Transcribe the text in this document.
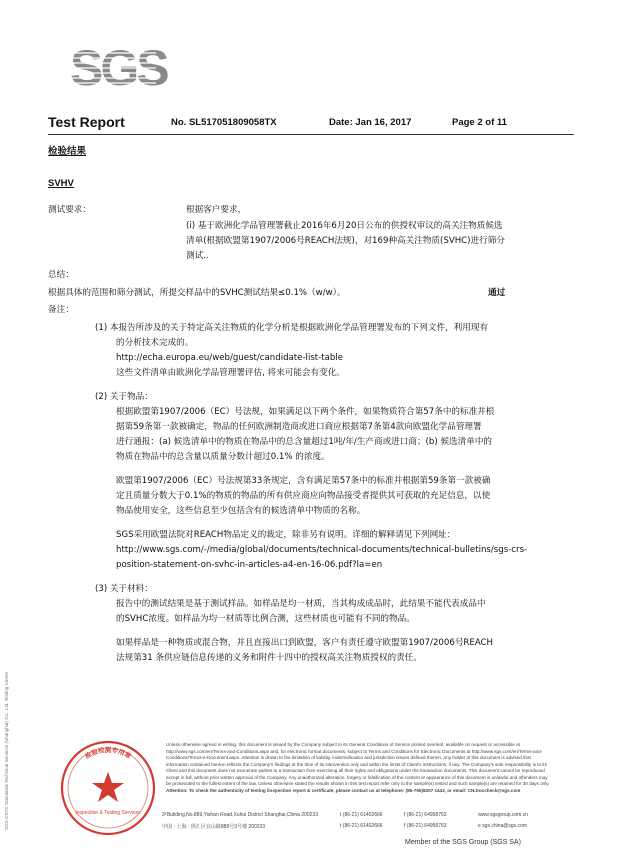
SGS
Test Report	No. SL517051809058TX	Date: Jan 16, 2017	Page 2 of 11
检验结果
SVHV
测试要求：	根据客户要求，
(i) 基于欧洲化学品管理署截止2016年6月20日公布的供授权审议的高关注物质候选
清单(根据欧盟第1907/2006号REACH法规)，对169种高关注物质(SVHC)进行筛分
测试..
总结：
根据具体的范围和筛分测试，所提交样品中的SVHC测试结果≤0.1%（w/w）。	通过
备注：
(1) 本报告所涉及的关于特定高关注物质的化学分析是根据欧洲化学品管理署发布的下列文件，利用现有
的分析技术完成的。
http://echa.europa.eu/web/guest/candidate-list-table
这些文件清单由欧洲化学品管理署评估, 将来可能会有变化。
(2) 关于物品：
根据欧盟第1907/2006（EC）号法规，如果满足以下两个条件，如果物质符合第57条中的标准并根
据第59条第一款被确定，物品的任何欧洲制造商或进口商应根据第7条第4款向欧盟化学品管理署
进行通报：(a) 候选清单中的物质在物品中的总含量超过1吨/年/生产商或进口商；(b) 候选清单中的
物质在物品中的总含量以质量分数计超过0.1% 的浓度。
欧盟第1907/2006（EC）号法规第33条规定，含有满足第57条中的标准并根据第59条第一款被确
定且质量分数大于0.1%的物质的物品的所有供应商应向物品接受者提供其可获取的充足信息，以使
物品使用安全，这些信息至少包括含有的候选清单中物质的名称。
SGS采用欧盟法院对REACH物品定义的裁定，除非另有说明。详细的解释请见下列网址：
http://www.sgs.com/-/media/global/documents/technical-documents/technical-bulletins/sgs-crs-
position-statement-on-svhc-in-articles-a4-en-16-06.pdf?la=en
(3) 关于材料：
报告中的测试结果是基于测试样品。如样品是均一材质，当其构成成品时，此结果不能代表成品中
的SVHC浓度。如样品为均一材质等比例合测，这些材质也可能有不同的物品。
如果样品是一种物质或混合物，并且直接出口到欧盟，客户有责任遵守欧盟第1907/2006号REACH
法规第31 条供应链信息传递的义务和附件十四中的授权高关注物质授权的责任。
检验检测专用章
Inspection & Testing Services
SGS-CSTC Standards Technical Services (Shanghai) Co., Ltd. Testing Center	Unless otherwise agreed in writing, this document is issued by the Company subject to its General Conditions of Service printed overleaf, available on request or accessible at http://www.sgs.com/en/Terms-and-Conditions.aspx and, for electronic format documents, subject to Terms and Conditions for Electronic Documents at http://www.sgs.com/en/Terms-and-Conditions/Terms-e-Document.aspx. Attention is drawn to the limitation of liability, indemnification and jurisdiction issues defined therein. Any holder of this document is advised that information contained hereon reflects the Company's findings at the time of its intervention only and within the limits of Client's instructions, if any. The Company's sole responsibility is to its Client and this document does not exonerate parties to a transaction from exercising all their rights and obligations under the transaction documents. This document cannot be reproduced except in full, without prior written approval of the Company. Any unauthorized alteration, forgery or falsification of the content or appearance of this document is unlawful and offenders may be prosecuted to the fullest extent of the law. Unless otherwise stated the results shown in this test report refer only to the sample(s) tested and such sample(s) are retained for 30 days only.
Attention: To check the authenticity of testing /inspection report & certificate, please contact us at telephone: (86-755)8307 1443, or email: CN.Doccheck@sgs.com
3ᵀBuilding,No.889,Yishan Road,Xuhui District Shanghai,China 200233
中国 · 上海 · 徐汇区宜山路889号3号楼 200233
t (86-21) 61402666
t (86-21) 61402666
f (86-21) 64958763
f (86-21) 64958763
www.sgsgroup.com.cn
e sgs.china@sgs.com
Member of the SGS Group (SGS SA)
